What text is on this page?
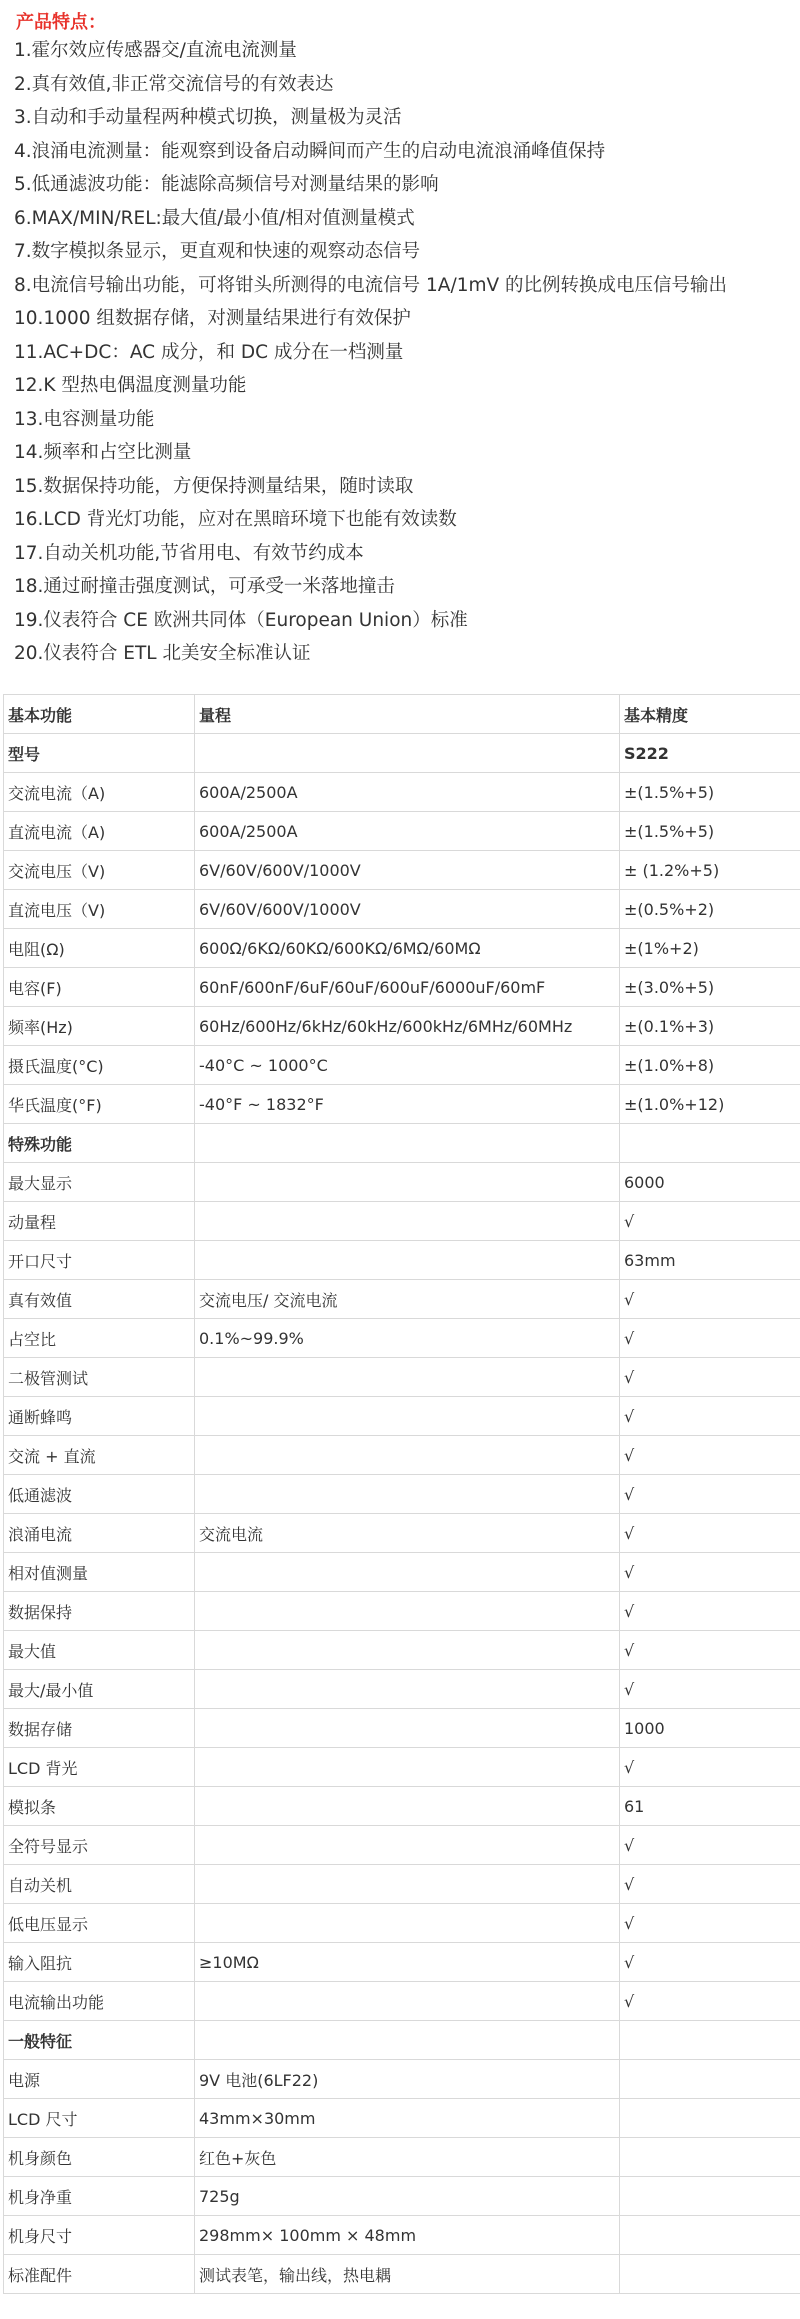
产品特点：
1.霍尔效应传感器交/直流电流测量
2.真有效值,非正常交流信号的有效表达
3.自动和手动量程两种模式切换，测量极为灵活
4.浪涌电流测量：能观察到设备启动瞬间而产生的启动电流浪涌峰值保持
5.低通滤波功能：能滤除高频信号对测量结果的影响
6.MAX/MIN/REL:最大值/最小值/相对值测量模式
7.数字模拟条显示，更直观和快速的观察动态信号
8.电流信号输出功能，可将钳头所测得的电流信号 1A/1mV 的比例转换成电压信号输出
10.1000 组数据存储，对测量结果进行有效保护
11.AC+DC：AC 成分，和 DC 成分在一档测量
12.K 型热电偶温度测量功能
13.电容测量功能
14.频率和占空比测量
15.数据保持功能，方便保持测量结果，随时读取
16.LCD 背光灯功能，应对在黑暗环境下也能有效读数
17.自动关机功能,节省用电、有效节约成本
18.通过耐撞击强度测试，可承受一米落地撞击
19.仪表符合 CE 欧洲共同体（European Union）标准
20.仪表符合 ETL 北美安全标准认证
基本功能	量程	基本精度
型号		S222
交流电流（A)	600A/2500A	±(1.5%+5)
直流电流（A)	600A/2500A	±(1.5%+5)
交流电压（V)	6V/60V/600V/1000V	± (1.2%+5)
直流电压（V)	6V/60V/600V/1000V	±(0.5%+2)
电阻(Ω)	600Ω/6KΩ/60KΩ/600KΩ/6MΩ/60MΩ	±(1%+2)
电容(F)	60nF/600nF/6uF/60uF/600uF/6000uF/60mF	±(3.0%+5)
频率(Hz)	60Hz/600Hz/6kHz/60kHz/600kHz/6MHz/60MHz	±(0.1%+3)
摄氏温度(°C)	-40°C ~ 1000°C	±(1.0%+8)
华氏温度(°F)	-40°F ~ 1832°F	±(1.0%+12)
特殊功能		
最大显示		6000
动量程		√
开口尺寸		63mm
真有效值	交流电压/ 交流电流	√
占空比	0.1%~99.9%	√
二极管测试		√
通断蜂鸣		√
交流 + 直流		√
低通滤波		√
浪涌电流	交流电流	√
相对值测量		√
数据保持		√
最大值		√
最大/最小值		√
数据存储		1000
LCD 背光		√
模拟条		61
全符号显示		√
自动关机		√
低电压显示		√
输入阻抗	≥10MΩ	√
电流输出功能		√
一般特征		
电源	9V 电池(6LF22)	
LCD 尺寸	43mm×30mm	
机身颜色	红色+灰色	
机身净重	725g	
机身尺寸	298mm× 100mm × 48mm	
标准配件	测试表笔，输出线，热电耦	
